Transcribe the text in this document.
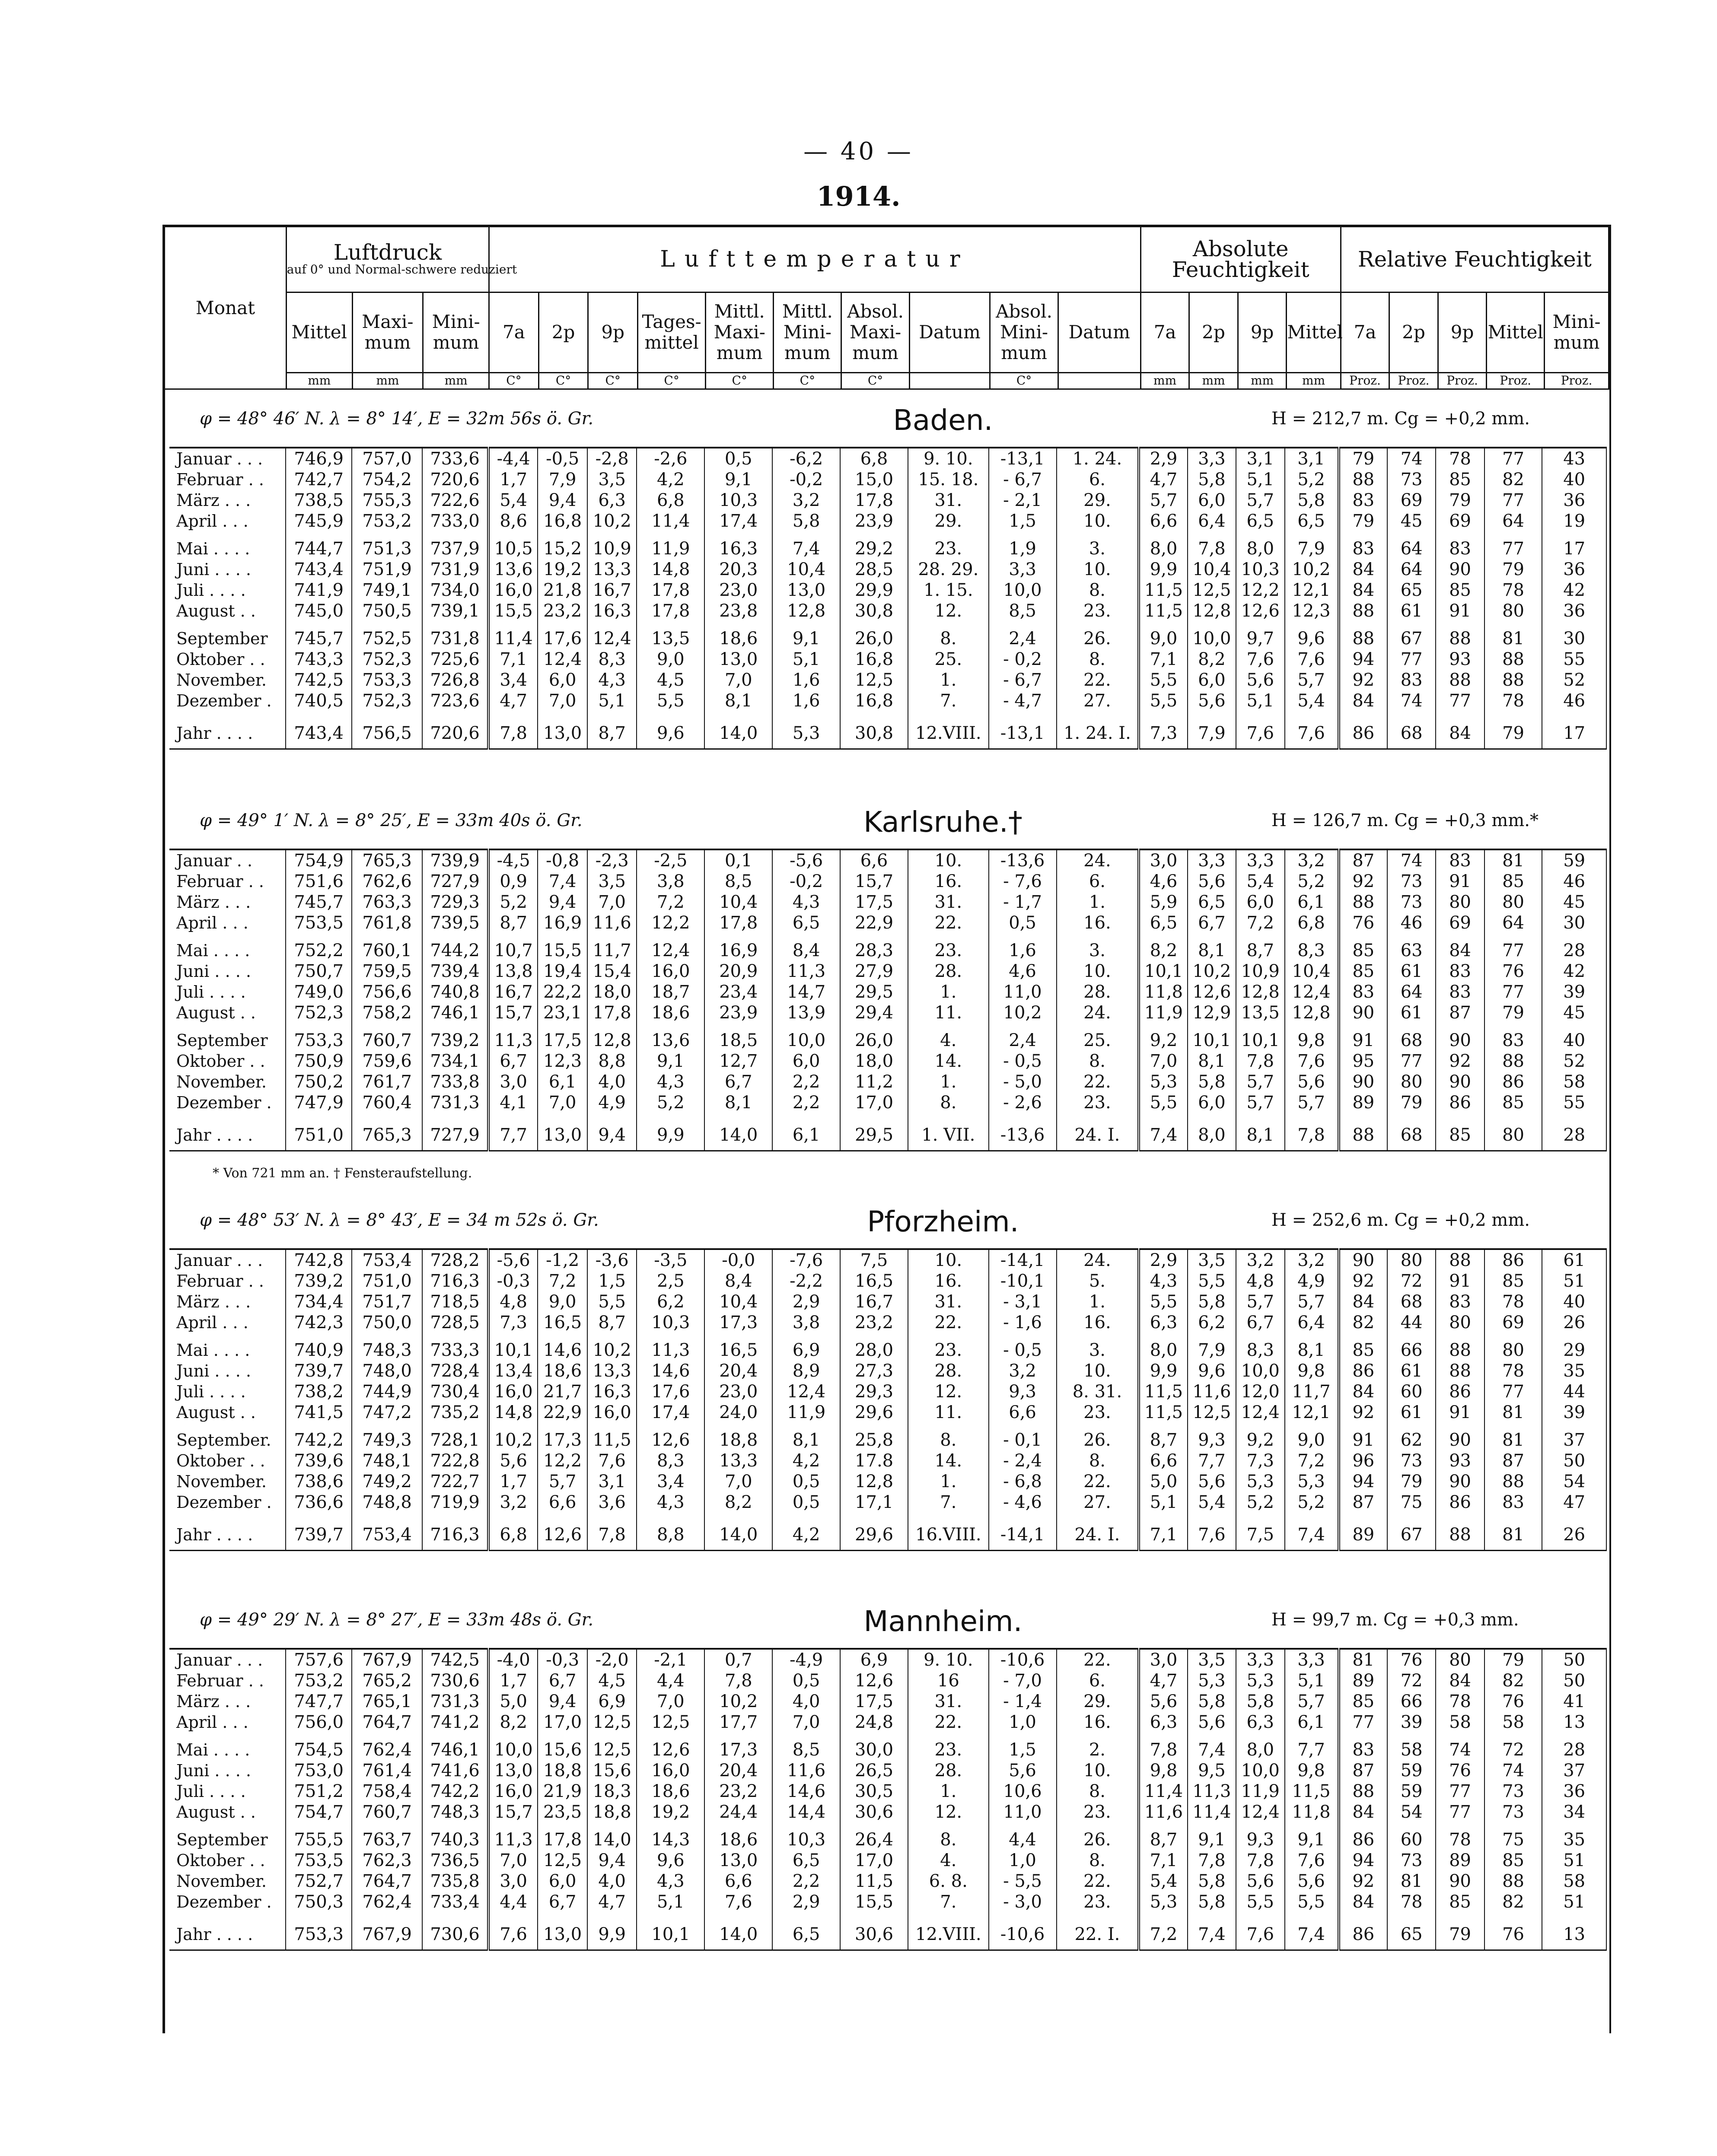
— 40 —
1914.
Monat	Luftdruck
auf 0° und Normal-schwere reduziert			Lufttemperatur										Absolute Feuchtigkeit				Relative Feuchtigkeit				
	Mittel	Maxi-mum	Mini-mum	7a	2p	9p	Tages-mittel	Mittl. Maxi-mum	Mittl. Mini-mum	Absol. Maxi-mum	Datum	Absol. Mini-mum	Datum	7a	2p	9p	Mittel	7a	2p	9p	Mittel	Mini-mum
	mm	mm	mm	C°	C°	C°	C°	C°	C°	C°		C°		mm	mm	mm	mm	Proz.	Proz.	Proz.	Proz.	Proz.
φ = 48° 46′ N. λ = 8° 14′, E = 32m 56s ö. Gr.	Baden.	H = 212,7 m. Cg = +0,2 mm.
Januar . . .	746,9	757,0	733,6	-4,4	-0,5	-2,8	-2,6	0,5	-6,2	6,8	9. 10.	-13,1	1. 24.	2,9	3,3	3,1	3,1	79	74	78	77	43
Februar . .	742,7	754,2	720,6	1,7	7,9	3,5	4,2	9,1	-0,2	15,0	15. 18.	- 6,7	6.	4,7	5,8	5,1	5,2	88	73	85	82	40
März . . .	738,5	755,3	722,6	5,4	9,4	6,3	6,8	10,3	3,2	17,8	31.	- 2,1	29.	5,7	6,0	5,7	5,8	83	69	79	77	36
April . . .	745,9	753,2	733,0	8,6	16,8	10,2	11,4	17,4	5,8	23,9	29.	1,5	10.	6,6	6,4	6,5	6,5	79	45	69	64	19

Mai . . . .	744,7	751,3	737,9	10,5	15,2	10,9	11,9	16,3	7,4	29,2	23.	1,9	3.	8,0	7,8	8,0	7,9	83	64	83	77	17
Juni . . . .	743,4	751,9	731,9	13,6	19,2	13,3	14,8	20,3	10,4	28,5	28. 29.	3,3	10.	9,9	10,4	10,3	10,2	84	64	90	79	36
Juli . . . .	741,9	749,1	734,0	16,0	21,8	16,7	17,8	23,0	13,0	29,9	1. 15.	10,0	8.	11,5	12,5	12,2	12,1	84	65	85	78	42
August . .	745,0	750,5	739,1	15,5	23,2	16,3	17,8	23,8	12,8	30,8	12.	8,5	23.	11,5	12,8	12,6	12,3	88	61	91	80	36

September	745,7	752,5	731,8	11,4	17,6	12,4	13,5	18,6	9,1	26,0	8.	2,4	26.	9,0	10,0	9,7	9,6	88	67	88	81	30
Oktober . .	743,3	752,3	725,6	7,1	12,4	8,3	9,0	13,0	5,1	16,8	25.	- 0,2	8.	7,1	8,2	7,6	7,6	94	77	93	88	55
November.	742,5	753,3	726,8	3,4	6,0	4,3	4,5	7,0	1,6	12,5	1.	- 6,7	22.	5,5	6,0	5,6	5,7	92	83	88	88	52
Dezember .	740,5	752,3	723,6	4,7	7,0	5,1	5,5	8,1	1,6	16,8	7.	- 4,7	27.	5,5	5,6	5,1	5,4	84	74	77	78	46

Jahr . . . .	743,4	756,5	720,6	7,8	13,0	8,7	9,6	14,0	5,3	30,8	12.VIII.	-13,1	1. 24. I.	7,3	7,9	7,6	7,6	86	68	84	79	17
φ = 49° 1′ N. λ = 8° 25′, E = 33m 40s ö. Gr.	Karlsruhe.†	H = 126,7 m. Cg = +0,3 mm.*
Januar . .	754,9	765,3	739,9	-4,5	-0,8	-2,3	-2,5	0,1	-5,6	6,6	10.	-13,6	24.	3,0	3,3	3,3	3,2	87	74	83	81	59
Februar . .	751,6	762,6	727,9	0,9	7,4	3,5	3,8	8,5	-0,2	15,7	16.	- 7,6	6.	4,6	5,6	5,4	5,2	92	73	91	85	46
März . . .	745,7	763,3	729,3	5,2	9,4	7,0	7,2	10,4	4,3	17,5	31.	- 1,7	1.	5,9	6,5	6,0	6,1	88	73	80	80	45
April . . .	753,5	761,8	739,5	8,7	16,9	11,6	12,2	17,8	6,5	22,9	22.	0,5	16.	6,5	6,7	7,2	6,8	76	46	69	64	30

Mai . . . .	752,2	760,1	744,2	10,7	15,5	11,7	12,4	16,9	8,4	28,3	23.	1,6	3.	8,2	8,1	8,7	8,3	85	63	84	77	28
Juni . . . .	750,7	759,5	739,4	13,8	19,4	15,4	16,0	20,9	11,3	27,9	28.	4,6	10.	10,1	10,2	10,9	10,4	85	61	83	76	42
Juli . . . .	749,0	756,6	740,8	16,7	22,2	18,0	18,7	23,4	14,7	29,5	1.	11,0	28.	11,8	12,6	12,8	12,4	83	64	83	77	39
August . .	752,3	758,2	746,1	15,7	23,1	17,8	18,6	23,9	13,9	29,4	11.	10,2	24.	11,9	12,9	13,5	12,8	90	61	87	79	45

September	753,3	760,7	739,2	11,3	17,5	12,8	13,6	18,5	10,0	26,0	4.	2,4	25.	9,2	10,1	10,1	9,8	91	68	90	83	40
Oktober . .	750,9	759,6	734,1	6,7	12,3	8,8	9,1	12,7	6,0	18,0	14.	- 0,5	8.	7,0	8,1	7,8	7,6	95	77	92	88	52
November.	750,2	761,7	733,8	3,0	6,1	4,0	4,3	6,7	2,2	11,2	1.	- 5,0	22.	5,3	5,8	5,7	5,6	90	80	90	86	58
Dezember .	747,9	760,4	731,3	4,1	7,0	4,9	5,2	8,1	2,2	17,0	8.	- 2,6	23.	5,5	6,0	5,7	5,7	89	79	86	85	55

Jahr . . . .	751,0	765,3	727,9	7,7	13,0	9,4	9,9	14,0	6,1	29,5	1. VII.	-13,6	24. I.	7,4	8,0	8,1	7,8	88	68	85	80	28
* Von 721 mm an. † Fensteraufstellung.
φ = 48° 53′ N. λ = 8° 43′, E = 34 m 52s ö. Gr.	Pforzheim.	H = 252,6 m. Cg = +0,2 mm.
Januar . . .	742,8	753,4	728,2	-5,6	-1,2	-3,6	-3,5	-0,0	-7,6	7,5	10.	-14,1	24.	2,9	3,5	3,2	3,2	90	80	88	86	61
Februar . .	739,2	751,0	716,3	-0,3	7,2	1,5	2,5	8,4	-2,2	16,5	16.	-10,1	5.	4,3	5,5	4,8	4,9	92	72	91	85	51
März . . .	734,4	751,7	718,5	4,8	9,0	5,5	6,2	10,4	2,9	16,7	31.	- 3,1	1.	5,5	5,8	5,7	5,7	84	68	83	78	40
April . . .	742,3	750,0	728,5	7,3	16,5	8,7	10,3	17,3	3,8	23,2	22.	- 1,6	16.	6,3	6,2	6,7	6,4	82	44	80	69	26

Mai . . . .	740,9	748,3	733,3	10,1	14,6	10,2	11,3	16,5	6,9	28,0	23.	- 0,5	3.	8,0	7,9	8,3	8,1	85	66	88	80	29
Juni . . . .	739,7	748,0	728,4	13,4	18,6	13,3	14,6	20,4	8,9	27,3	28.	3,2	10.	9,9	9,6	10,0	9,8	86	61	88	78	35
Juli . . . .	738,2	744,9	730,4	16,0	21,7	16,3	17,6	23,0	12,4	29,3	12.	9,3	8. 31.	11,5	11,6	12,0	11,7	84	60	86	77	44
August . .	741,5	747,2	735,2	14,8	22,9	16,0	17,4	24,0	11,9	29,6	11.	6,6	23.	11,5	12,5	12,4	12,1	92	61	91	81	39

September.	742,2	749,3	728,1	10,2	17,3	11,5	12,6	18,8	8,1	25,8	8.	- 0,1	26.	8,7	9,3	9,2	9,0	91	62	90	81	37
Oktober . .	739,6	748,1	722,8	5,6	12,2	7,6	8,3	13,3	4,2	17.8	14.	- 2,4	8.	6,6	7,7	7,3	7,2	96	73	93	87	50
November.	738,6	749,2	722,7	1,7	5,7	3,1	3,4	7,0	0,5	12,8	1.	- 6,8	22.	5,0	5,6	5,3	5,3	94	79	90	88	54
Dezember .	736,6	748,8	719,9	3,2	6,6	3,6	4,3	8,2	0,5	17,1	7.	- 4,6	27.	5,1	5,4	5,2	5,2	87	75	86	83	47

Jahr . . . .	739,7	753,4	716,3	6,8	12,6	7,8	8,8	14,0	4,2	29,6	16.VIII.	-14,1	24. I.	7,1	7,6	7,5	7,4	89	67	88	81	26
φ = 49° 29′ N. λ = 8° 27′, E = 33m 48s ö. Gr.	Mannheim.	H = 99,7 m. Cg = +0,3 mm.
Januar . . .	757,6	767,9	742,5	-4,0	-0,3	-2,0	-2,1	0,7	-4,9	6,9	9. 10.	-10,6	22.	3,0	3,5	3,3	3,3	81	76	80	79	50
Februar . .	753,2	765,2	730,6	1,7	6,7	4,5	4,4	7,8	0,5	12,6	16	- 7,0	6.	4,7	5,3	5,3	5,1	89	72	84	82	50
März . . .	747,7	765,1	731,3	5,0	9,4	6,9	7,0	10,2	4,0	17,5	31.	- 1,4	29.	5,6	5,8	5,8	5,7	85	66	78	76	41
April . . .	756,0	764,7	741,2	8,2	17,0	12,5	12,5	17,7	7,0	24,8	22.	1,0	16.	6,3	5,6	6,3	6,1	77	39	58	58	13

Mai . . . .	754,5	762,4	746,1	10,0	15,6	12,5	12,6	17,3	8,5	30,0	23.	1,5	2.	7,8	7,4	8,0	7,7	83	58	74	72	28
Juni . . . .	753,0	761,4	741,6	13,0	18,8	15,6	16,0	20,4	11,6	26,5	28.	5,6	10.	9,8	9,5	10,0	9,8	87	59	76	74	37
Juli . . . .	751,2	758,4	742,2	16,0	21,9	18,3	18,6	23,2	14,6	30,5	1.	10,6	8.	11,4	11,3	11,9	11,5	88	59	77	73	36
August . .	754,7	760,7	748,3	15,7	23,5	18,8	19,2	24,4	14,4	30,6	12.	11,0	23.	11,6	11,4	12,4	11,8	84	54	77	73	34

September	755,5	763,7	740,3	11,3	17,8	14,0	14,3	18,6	10,3	26,4	8.	4,4	26.	8,7	9,1	9,3	9,1	86	60	78	75	35
Oktober . .	753,5	762,3	736,5	7,0	12,5	9,4	9,6	13,0	6,5	17,0	4.	1,0	8.	7,1	7,8	7,8	7,6	94	73	89	85	51
November.	752,7	764,7	735,8	3,0	6,0	4,0	4,3	6,6	2,2	11,5	6. 8.	- 5,5	22.	5,4	5,8	5,6	5,6	92	81	90	88	58
Dezember .	750,3	762,4	733,4	4,4	6,7	4,7	5,1	7,6	2,9	15,5	7.	- 3,0	23.	5,3	5,8	5,5	5,5	84	78	85	82	51

Jahr . . . .	753,3	767,9	730,6	7,6	13,0	9,9	10,1	14,0	6,5	30,6	12.VIII.	-10,6	22. I.	7,2	7,4	7,6	7,4	86	65	79	76	13
